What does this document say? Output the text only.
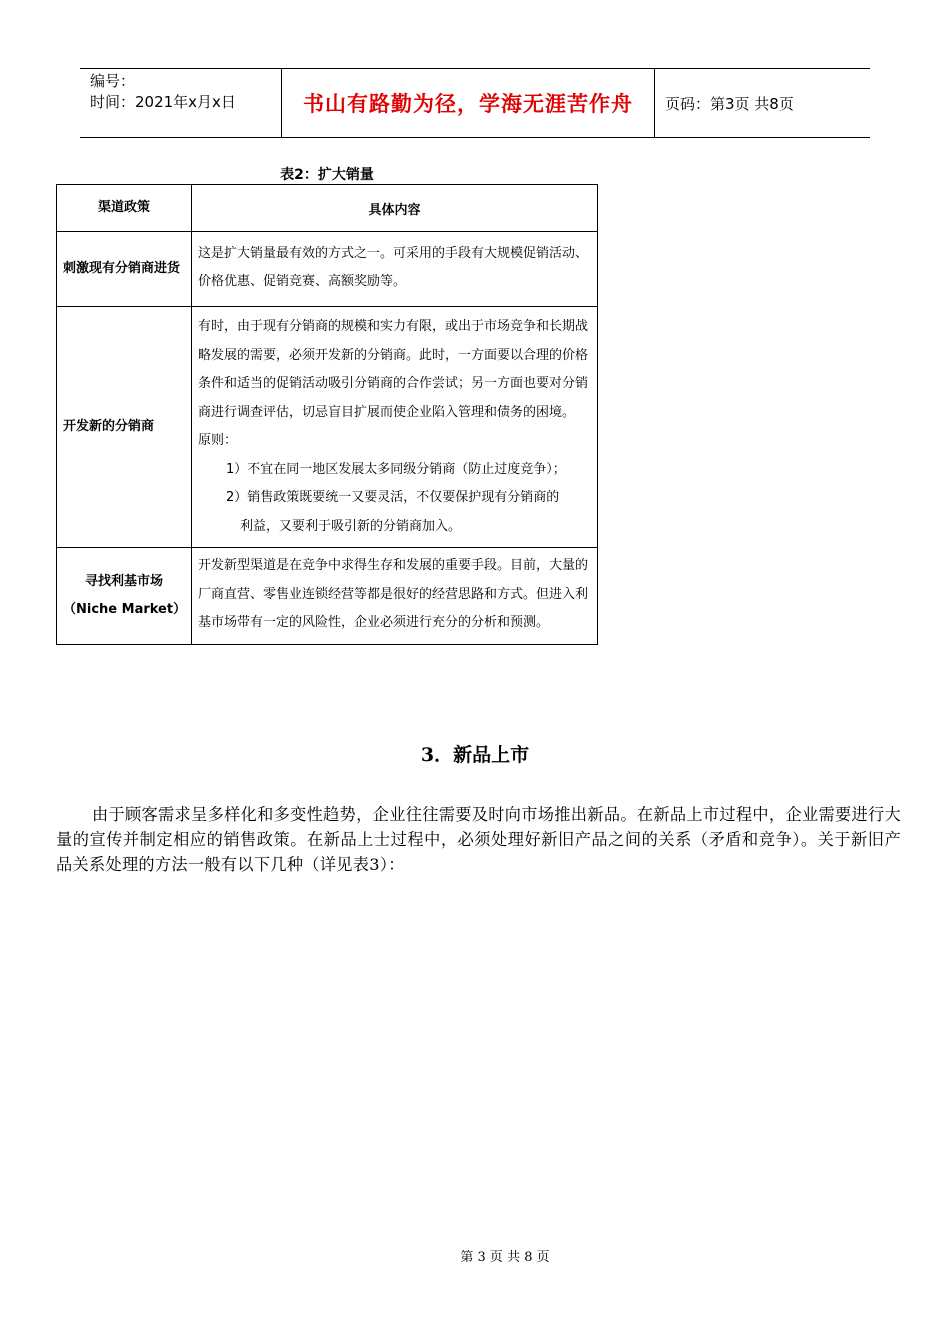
编号：
时间：2021年x月x日	书山有路勤为径，学海无涯苦作舟	页码：第3页 共8页
表2：扩大销量
渠道政策	具体内容
刺激现有分销商进货	这是扩大销量最有效的方式之一。可采用的手段有大规模促销活动、价格优惠、促销竞赛、高额奖励等。
开发新的分销商	有时，由于现有分销商的规模和实力有限，或出于市场竞争和长期战略发展的需要，必须开发新的分销商。此时，一方面要以合理的价格条件和适当的促销活动吸引分销商的合作尝试；另一方面也要对分销商进行调查评估，切忌盲目扩展而使企业陷入管理和债务的困境。
原则：
1）不宜在同一地区发展太多同级分销商（防止过度竞争）；
2）销售政策既要统一又要灵活，不仅要保护现有分销商的
利益，又要利于吸引新的分销商加入。

寻找利基市场
（Niche Market）	开发新型渠道是在竞争中求得生存和发展的重要手段。目前，大量的厂商直营、零售业连锁经营等都是很好的经营思路和方式。但进入利基市场带有一定的风险性，企业必须进行充分的分析和预测。
3．新品上市
由于顾客需求呈多样化和多变性趋势，企业往往需要及时向市场推出新品。在新品上市过程中，企业需要进行大量的宣传并制定相应的销售政策。在新品上士过程中，必须处理好新旧产品之间的关系（矛盾和竞争）。关于新旧产品关系处理的方法一般有以下几种（详见表3）：
第 3 页 共 8 页
